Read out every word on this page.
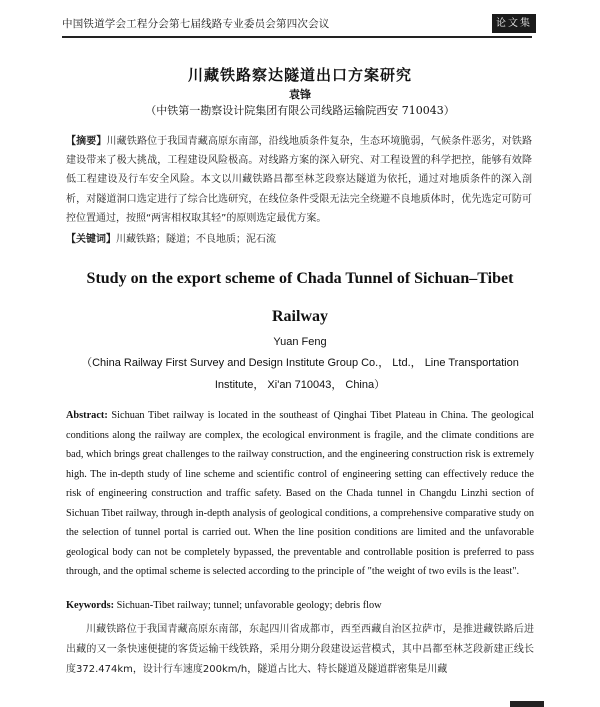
中国铁道学会工程分会第七届线路专业委员会第四次会议	论文集
川藏铁路察达隧道出口方案研究
袁锋
（中铁第一勘察设计院集团有限公司线路运输院西安 710043）
【摘要】川藏铁路位于我国青藏高原东南部，沿线地质条件复杂，生态环境脆弱，气候条件恶劣，对铁路建设带来了极大挑战，工程建设风险极高。对线路方案的深入研究、对工程设置的科学把控，能够有效降低工程建设及行车安全风险。本文以川藏铁路昌都至林芝段察达隧道为依托，通过对地质条件的深入剖析，对隧道洞口选定进行了综合比选研究，在线位条件受限无法完全绕避不良地质体时，优先选定可防可控位置通过，按照“两害相权取其轻”的原则选定最优方案。
【关键词】川藏铁路；隧道；不良地质；泥石流
Study on the export scheme of Chada Tunnel of Sichuan–Tibet Railway
Yuan Feng
（China Railway First Survey and Design Institute Group Co.， Ltd.， Line Transportation Institute， Xi'an 710043， China）
Abstract: Sichuan Tibet railway is located in the southeast of Qinghai Tibet Plateau in China. The geological conditions along the railway are complex, the ecological environment is fragile, and the climate conditions are bad, which brings great challenges to the railway construction, and the engineering construction risk is extremely high. The in-depth study of line scheme and scientific control of engineering setting can effectively reduce the risk of engineering construction and traffic safety. Based on the Chada tunnel in Changdu Linzhi section of Sichuan Tibet railway, through in-depth analysis of geological conditions, a comprehensive comparative study on the selection of tunnel portal is carried out. When the line position conditions are limited and the unfavorable geological body can not be completely bypassed, the preventable and controllable position is preferred to pass through, and the optimal scheme is selected according to the principle of "the weight of two evils is the least".
Keywords: Sichuan-Tibet railway; tunnel; unfavorable geology; debris flow
川藏铁路位于我国青藏高原东南部，东起四川省成都市，西至西藏自治区拉萨市，是推进藏铁路后进出藏的又一条快速便捷的客货运输干线铁路，采用分期分段建设运营模式，其中昌都至林芝段新建正线长度372.474km，设计行车速度200km/h，隧道占比大、特长隧道及隧道群密集是川藏
